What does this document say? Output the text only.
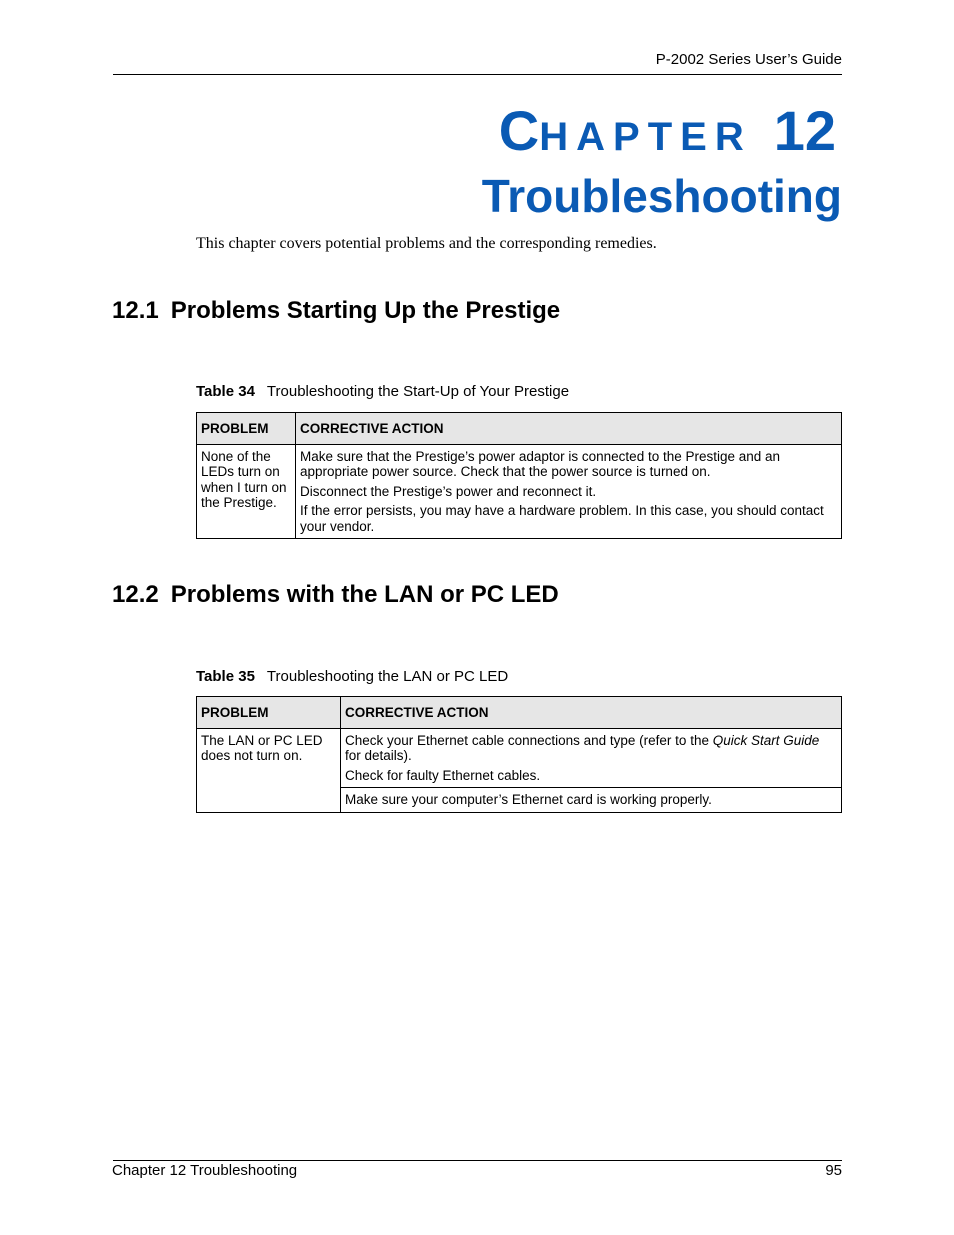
P-2002 Series User’s Guide
CHAPTER 12
Troubleshooting
This chapter covers potential problems and the corresponding remedies.
12.1 Problems Starting Up the Prestige
Table 34 Troubleshooting the Start-Up of Your Prestige
PROBLEM	CORRECTIVE ACTION
None of the LEDs turn on when I turn on the Prestige.	Make sure that the Prestige’s power adaptor is connected to the Prestige and an appropriate power source. Check that the power source is turned on.

Disconnect the Prestige’s power and reconnect it.

If the error persists, you may have a hardware problem. In this case, you should contact your vendor.

12.2 Problems with the LAN or PC LED
Table 35 Troubleshooting the LAN or PC LED
PROBLEM	CORRECTIVE ACTION
The LAN or PC LED does not turn on.	Check your Ethernet cable connections and type (refer to the Quick Start Guide for details).

Check for faulty Ethernet cables.

	Make sure your computer’s Ethernet card is working properly.
Chapter 12 Troubleshooting	95
